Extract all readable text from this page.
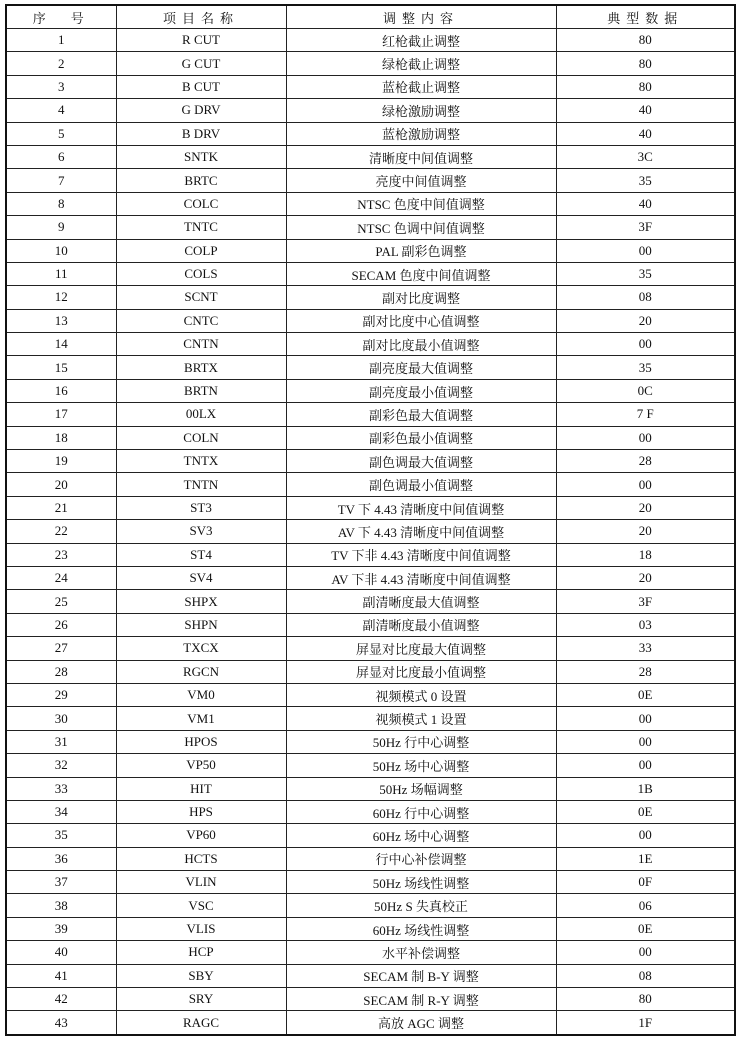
序　号	项目名称	调整内容	典型数据
1	R CUT	红枪截止调整	80
2	G CUT	绿枪截止调整	80
3	B CUT	蓝枪截止调整	80
4	G DRV	绿枪激励调整	40
5	B DRV	蓝枪激励调整	40
6	SNTK	清晰度中间值调整	3C
7	BRTC	亮度中间值调整	35
8	COLC	NTSC 色度中间值调整	40
9	TNTC	NTSC 色调中间值调整	3F
10	COLP	PAL 副彩色调整	00
11	COLS	SECAM 色度中间值调整	35
12	SCNT	副对比度调整	08
13	CNTC	副对比度中心值调整	20
14	CNTN	副对比度最小值调整	00
15	BRTX	副亮度最大值调整	35
16	BRTN	副亮度最小值调整	0C
17	00LX	副彩色最大值调整	7 F
18	COLN	副彩色最小值调整	00
19	TNTX	副色调最大值调整	28
20	TNTN	副色调最小值调整	00
21	ST3	TV 下 4.43 清晰度中间值调整	20
22	SV3	AV 下 4.43 清晰度中间值调整	20
23	ST4	TV 下非 4.43 清晰度中间值调整	18
24	SV4	AV 下非 4.43 清晰度中间值调整	20
25	SHPX	副清晰度最大值调整	3F
26	SHPN	副清晰度最小值调整	03
27	TXCX	屏显对比度最大值调整	33
28	RGCN	屏显对比度最小值调整	28
29	VM0	视频模式 0 设置	0E
30	VM1	视频模式 1 设置	00
31	HPOS	50Hz 行中心调整	00
32	VP50	50Hz 场中心调整	00
33	HIT	50Hz 场幅调整	1B
34	HPS	60Hz 行中心调整	0E
35	VP60	60Hz 场中心调整	00
36	HCTS	行中心补偿调整	1E
37	VLIN	50Hz 场线性调整	0F
38	VSC	50Hz S 失真校正	06
39	VLIS	60Hz 场线性调整	0E
40	HCP	水平补偿调整	00
41	SBY	SECAM 制 B-Y 调整	08
42	SRY	SECAM 制 R-Y 调整	80
43	RAGC	高放 AGC 调整	1F
